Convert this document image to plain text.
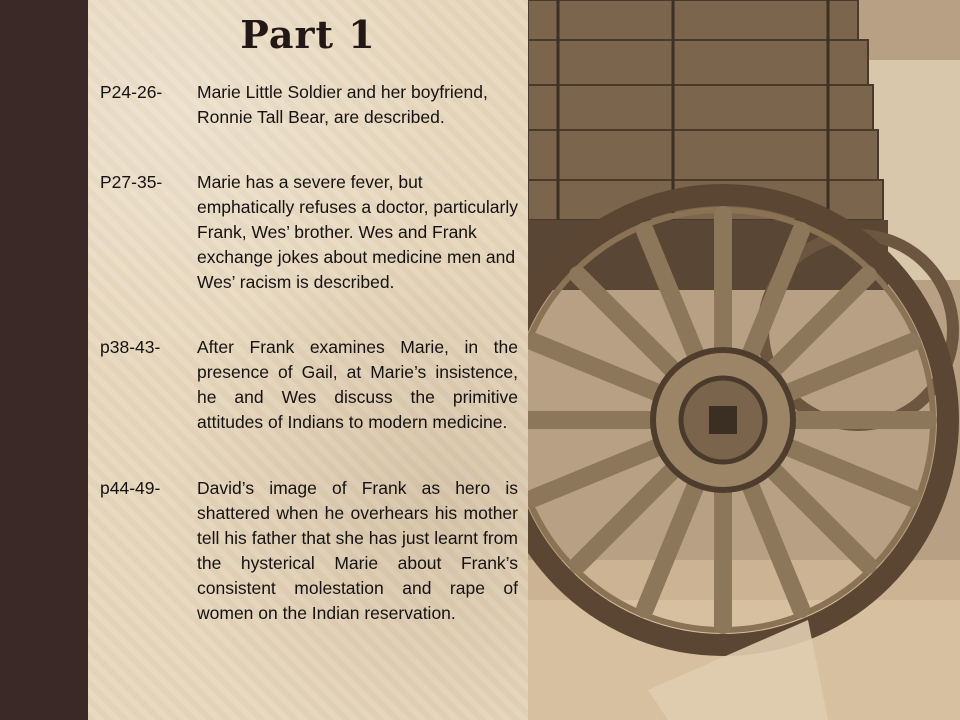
Part 1
P24-26-	Marie Little Soldier and her boyfriend, Ronnie Tall Bear, are described.
P27-35-	Marie has a severe fever, but emphatically refuses a doctor, particularly Frank, Wes’ brother. Wes and Frank exchange jokes about medicine men and Wes’ racism is described.
p38-43-	After Frank examines Marie, in the presence of Gail, at Marie’s insistence, he and Wes discuss the primitive attitudes of Indians to modern medicine.
p44-49-	David’s image of Frank as hero is shattered when he overhears his mother tell his father that she has just learnt from the hysterical Marie about Frank’s consistent molestation and rape of women on the Indian reservation.
